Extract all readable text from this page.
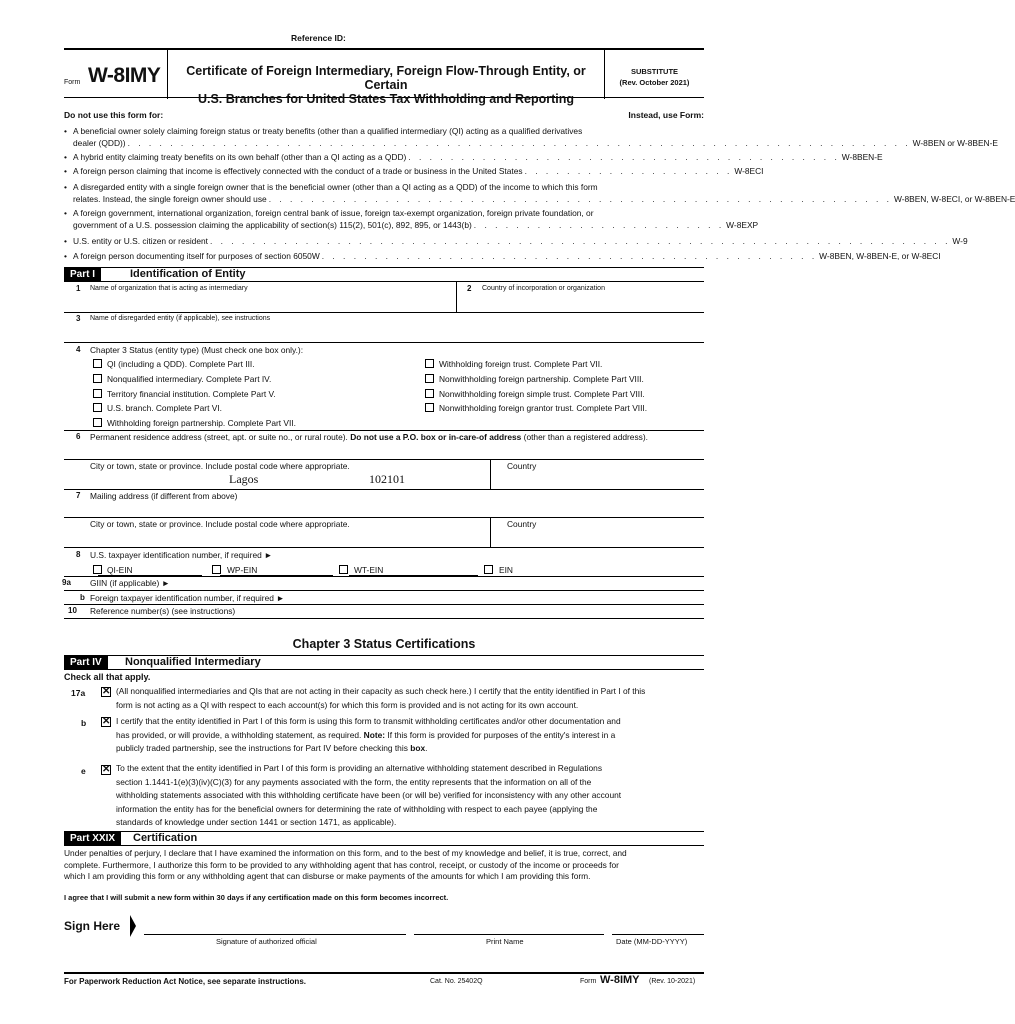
Reference ID:
Form W-8IMY	Certificate of Foreign Intermediary, Foreign Flow-Through Entity, or Certain
U.S. Branches for United States Tax Withholding and Reporting
SUBSTITUTE
(Rev. October 2021)
Do not use this form for:	Instead, use Form:
• A beneficial owner solely claiming foreign status or treaty benefits (other than a qualified intermediary (QI) acting as a qualified derivatives
dealer (QDD)) . . . . . . . . . . . . . . . . . . . . . . . . . . . . . . . . . . . . . . . . . . . . . . . . . . . . . . . . . . . . . . . . . . . . . . . . . . W-8BEN or W-8BEN-E
• A hybrid entity claiming treaty benefits on its own behalf (other than a QI acting as a QDD) . . . . . . . . . . . . . . . . . . . . . . . . . . . . . . . . . . . . . . . . . W-8BEN-E
• A foreign person claiming that income is effectively connected with the conduct of a trade or business in the United States . . . . . . . . . . . . . . . . . . . . W-8ECI
• A disregarded entity with a single foreign owner that is the beneficial owner (other than a QI acting as a QDD) of the income to which this form
relates. Instead, the single foreign owner should use . . . . . . . . . . . . . . . . . . . . . . . . . . . . . . . . . . . . . . . . . . . . . . . . . . . . . . . . . . . W-8BEN, W-8ECI, or W-8BEN-E
• A foreign government, international organization, foreign central bank of issue, foreign tax-exempt organization, foreign private foundation, or
government of a U.S. possession claiming the applicability of section(s) 115(2), 501(c), 892, 895, or 1443(b) . . . . . . . . . . . . . . . . . . . . . . . . W-8EXP
• U.S. entity or U.S. citizen or resident . . . . . . . . . . . . . . . . . . . . . . . . . . . . . . . . . . . . . . . . . . . . . . . . . . . . . . . . . . . . . . . . . . . . . . W-9
• A foreign person documenting itself for purposes of section 6050W . . . . . . . . . . . . . . . . . . . . . . . . . . . . . . . . . . . . . . . . . . . . . . . W-8BEN, W-8BEN-E, or W-8ECI
Part I	Identification of Entity
1 Name of organization that is acting as intermediary	2 Country of incorporation or organization
3 Name of disregarded entity (if applicable), see instructions
4 Chapter 3 Status (entity type) (Must check one box only.):
QI (including a QDD). Complete Part III.
Nonqualified intermediary. Complete Part IV.
Territory financial institution. Complete Part V.
U.S. branch. Complete Part VI.
Withholding foreign partnership. Complete Part VII.
Withholding foreign trust. Complete Part VII.
Nonwithholding foreign partnership. Complete Part VIII.
Nonwithholding foreign simple trust. Complete Part VIII.
Nonwithholding foreign grantor trust. Complete Part VIII.
6 Permanent residence address (street, apt. or suite no., or rural route). Do not use a P.O. box or in-care-of address (other than a registered address).
City or town, state or province. Include postal code where appropriate.	Country
Lagos	102101
7 Mailing address (if different from above)
City or town, state or province. Include postal code where appropriate.	Country
8 U.S. taxpayer identification number, if required ►
QI-EIN	WP-EIN	WT-EIN	EIN
9a GIIN (if applicable) ►
b Foreign taxpayer identification number, if required ►
10 Reference number(s) (see instructions)
Chapter 3 Status Certifications
Part IV	Nonqualified Intermediary
Check all that apply.
17a ✕ (All nonqualified intermediaries and QIs that are not acting in their capacity as such check here.) I certify that the entity identified in Part I of this
form is not acting as a QI with respect to each account(s) for which this form is provided and is not acting for its own account.
b ✕ I certify that the entity identified in Part I of this form is using this form to transmit withholding certificates and/or other documentation and
has provided, or will provide, a withholding statement, as required. Note: If this form is provided for purposes of the entity's interest in a
publicly traded partnership, see the instructions for Part IV before checking this box.
e ✕ To the extent that the entity identified in Part I of this form is providing an alternative withholding statement described in Regulations
section 1.1441-1(e)(3)(iv)(C)(3) for any payments associated with the form, the entity represents that the information on all of the
withholding statements associated with this withholding certificate have been (or will be) verified for inconsistency with any other account
information the entity has for the beneficial owners for determining the rate of withholding with respect to each payee (applying the
standards of knowledge under section 1441 or section 1471, as applicable).
Part XXIX	Certification
Under penalties of perjury, I declare that I have examined the information on this form, and to the best of my knowledge and belief, it is true, correct, and
complete. Furthermore, I authorize this form to be provided to any withholding agent that has control, receipt, or custody of the income or proceeds for
which I am providing this form or any withholding agent that can disburse or make payments of the amounts for which I am providing this form.
I agree that I will submit a new form within 30 days if any certification made on this form becomes incorrect.
Sign Here
Signature of authorized official	Print Name	Date (MM-DD-YYYY)
For Paperwork Reduction Act Notice, see separate instructions.	Cat. No. 25402Q	Form W-8IMY (Rev. 10-2021)
